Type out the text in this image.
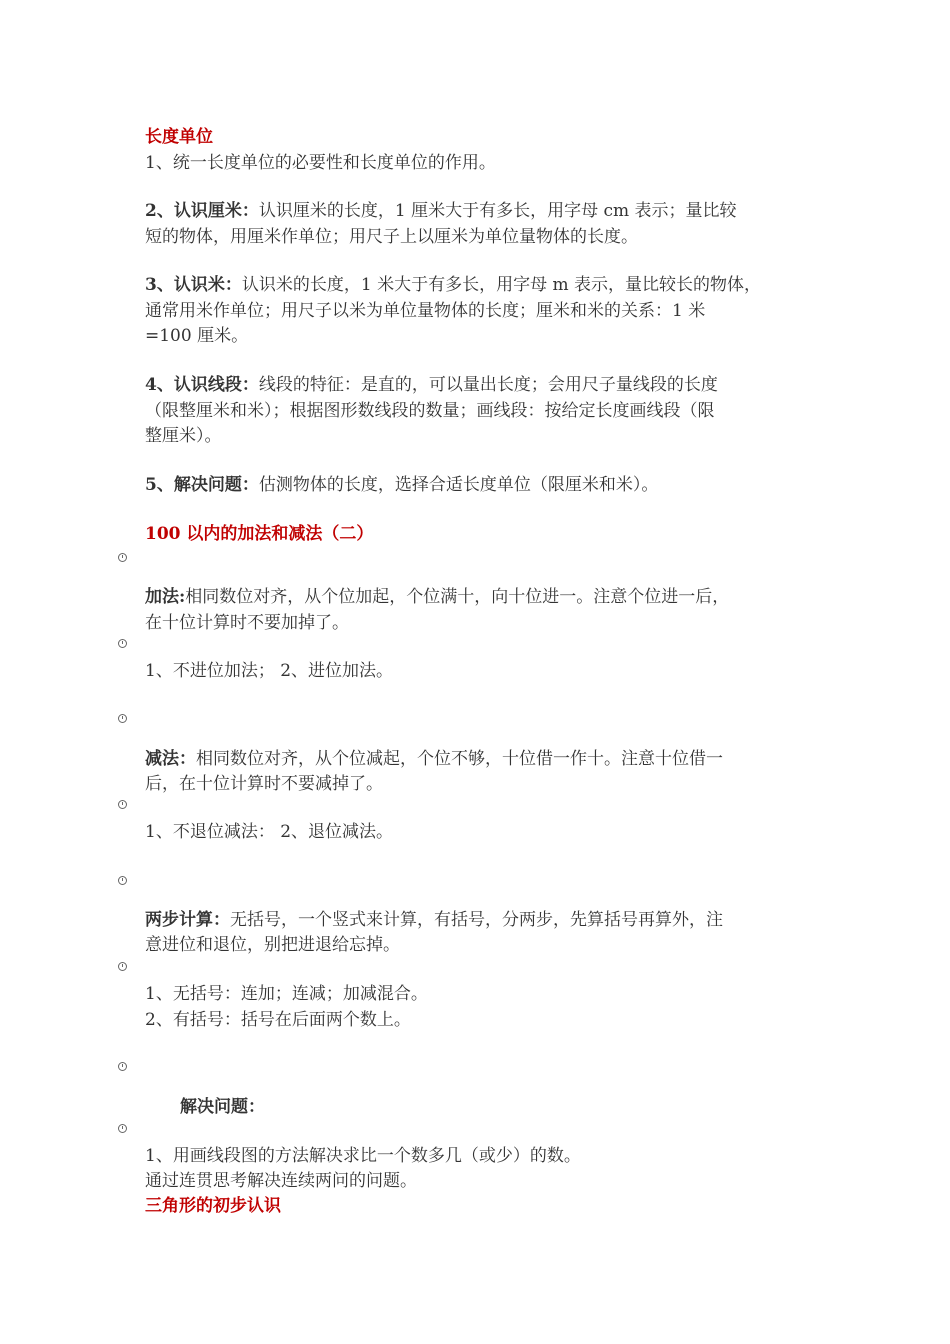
长度单位
1、统一长度单位的必要性和长度单位的作用。
2、认识厘米：认识厘米的长度，1 厘米大于有多长，用字母 cm 表示；量比较
短的物体，用厘米作单位；用尺子上以厘米为单位量物体的长度。
3、认识米：认识米的长度，1 米大于有多长，用字母 m 表示，量比较长的物体，
通常用米作单位；用尺子以米为单位量物体的长度；厘米和米的关系：1 米
=100 厘米。
4、认识线段：线段的特征：是直的，可以量出长度；会用尺子量线段的长度
（限整厘米和米）；根据图形数线段的数量；画线段：按给定长度画线段（限
整厘米）。
5、解决问题：估测物体的长度，选择合适长度单位（限厘米和米）。
100 以内的加法和减法（二）
加法:相同数位对齐，从个位加起，个位满十，向十位进一。注意个位进一后，
在十位计算时不要加掉了。
1、不进位加法； 2、进位加法。
减法：相同数位对齐，从个位减起，个位不够，十位借一作十。注意十位借一
后，在十位计算时不要减掉了。
1、不退位减法： 2、退位减法。
两步计算：无括号，一个竖式来计算，有括号，分两步，先算括号再算外，注
意进位和退位，别把进退给忘掉。
1、无括号：连加；连减；加减混合。
2、有括号：括号在后面两个数上。
解决问题：
1、用画线段图的方法解决求比一个数多几（或少）的数。
通过连贯思考解决连续两问的问题。
三角形的初步认识
